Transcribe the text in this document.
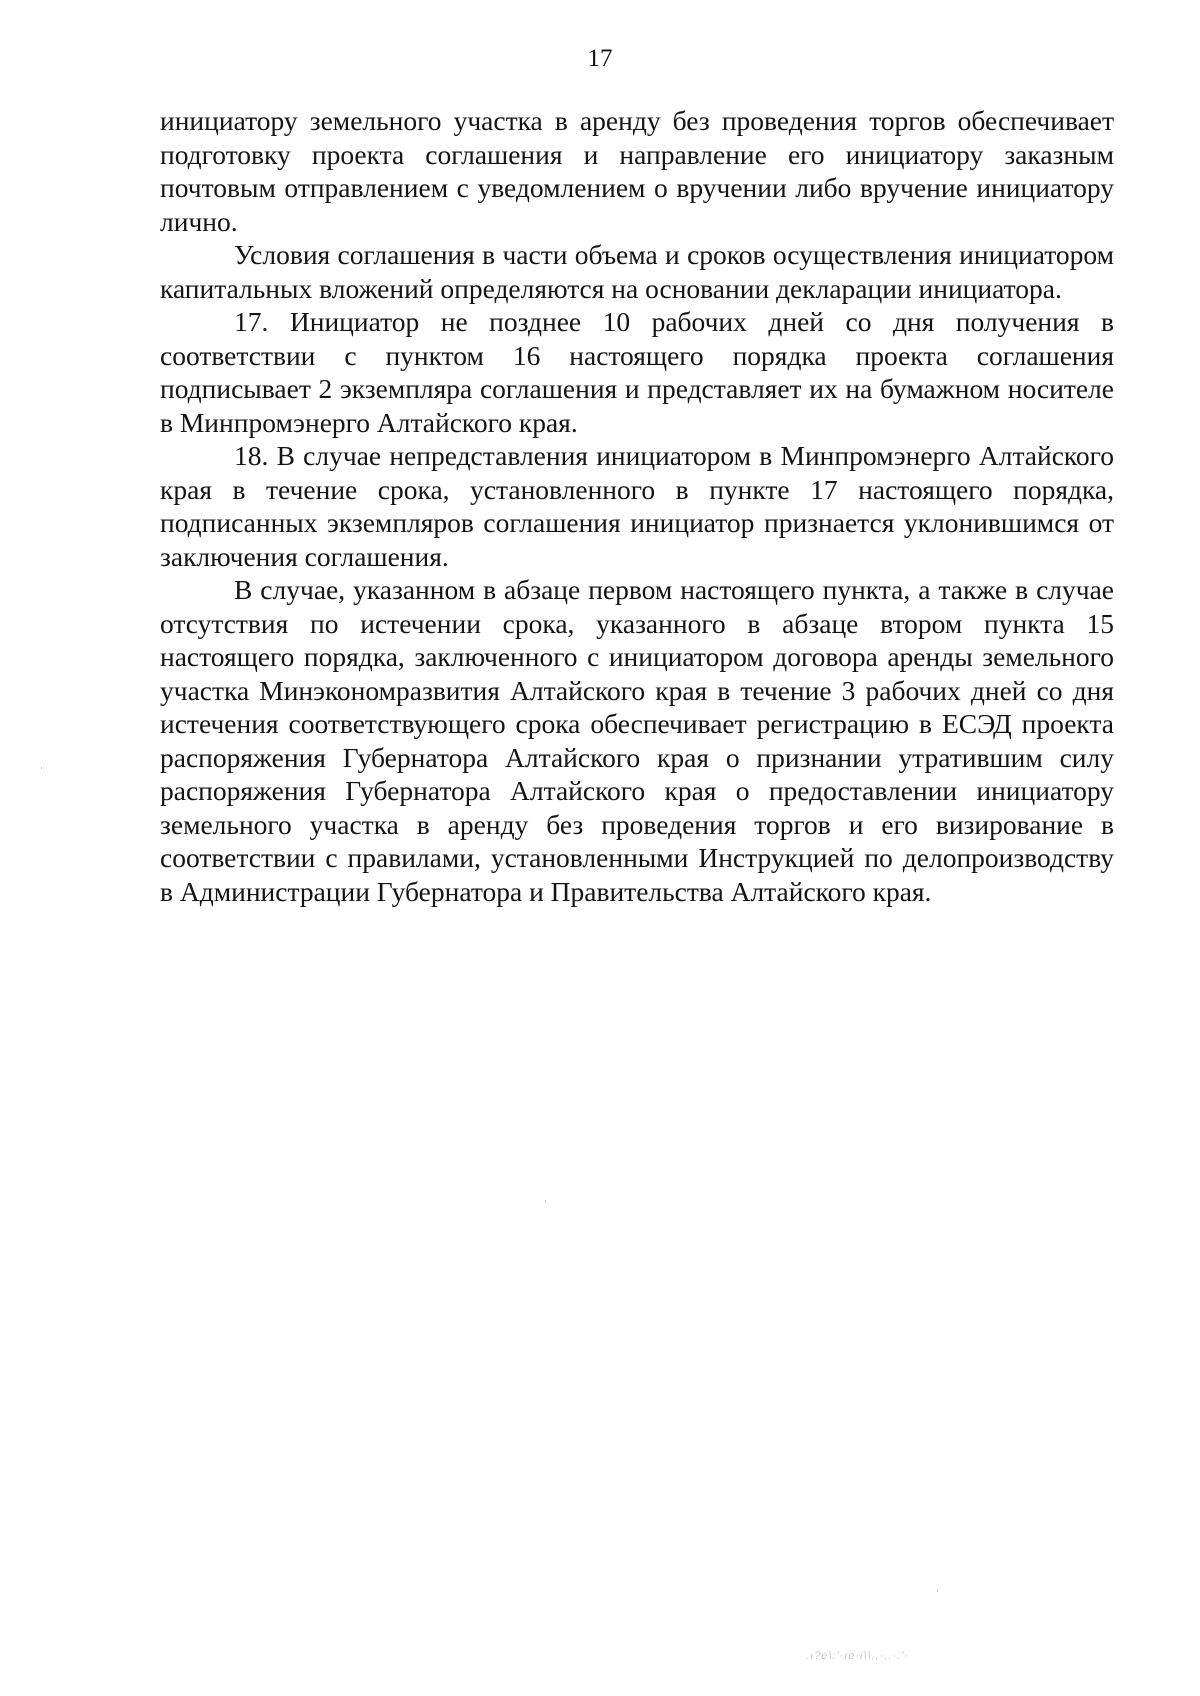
17

инициатору земельного участка в аренду без проведения торгов обеспечивает подготовку проекта соглашения и направление его инициатору заказным почтовым отправлением с уведомлением о вручении либо вручение инициатору лично.

Условия соглашения в части объема и сроков осуществления инициатором капитальных вложений определяются на основании декларации инициатора.

17. Инициатор не позднее 10 рабочих дней со дня получения в соответствии с пунктом 16 настоящего порядка проекта соглашения подписывает 2 экземпляра соглашения и представляет их на бумажном носителе в Минпромэнерго Алтайского края.

18. В случае непредставления инициатором в Минпромэнерго Алтайского края в течение срока, установленного в пункте 17 настоящего порядка, подписанных экземпляров соглашения инициатор признается уклонившимся от заключения соглашения.

В случае, указанном в абзаце первом настоящего пункта, а также в случае отсутствия по истечении срока, указанного в абзаце втором пункта 15 настоящего порядка, заключенного с инициатором договора аренды земельного участка Минэкономразвития Алтайского края в течение 3 рабочих дней со дня истечения соответствующего срока обеспечивает регистрацию в ЕСЭД проекта распоряжения Губернатора Алтайского края о признании утратившим силу распоряжения Губернатора Алтайского края о предоставлении инициатору земельного участка в аренду без проведения торгов и его визирование в соответствии с правилами, установленными Инструкцией по делопроизводству в Администрации Губернатора и Правительства Алтайского края.

.ı?e\:'·ıe·i\\.,·..·.'·
